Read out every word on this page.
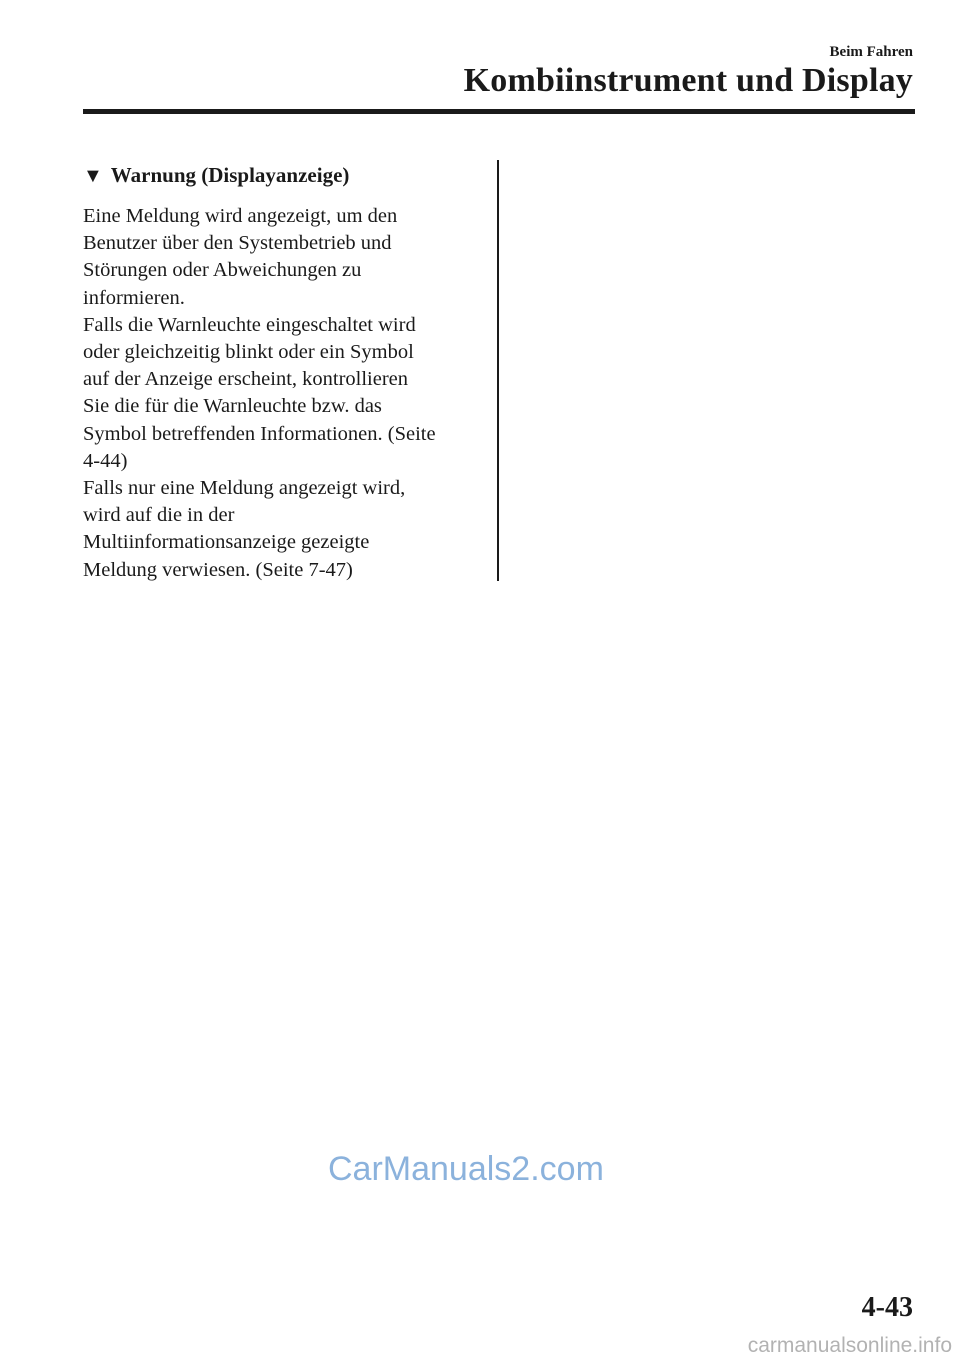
Beim Fahren
Kombiinstrument und Display
▼ Warnung (Displayanzeige)
Eine Meldung wird angezeigt, um den
Benutzer über den Systembetrieb und
Störungen oder Abweichungen zu
informieren.
Falls die Warnleuchte eingeschaltet wird
oder gleichzeitig blinkt oder ein Symbol
auf der Anzeige erscheint, kontrollieren
Sie die für die Warnleuchte bzw. das
Symbol betreffenden Informationen. (Seite
4-44)
Falls nur eine Meldung angezeigt wird,
wird auf die in der
Multiinformationsanzeige gezeigte
Meldung verwiesen. (Seite 7-47)
CarManuals2.com
4-43
carmanualsonline.info
